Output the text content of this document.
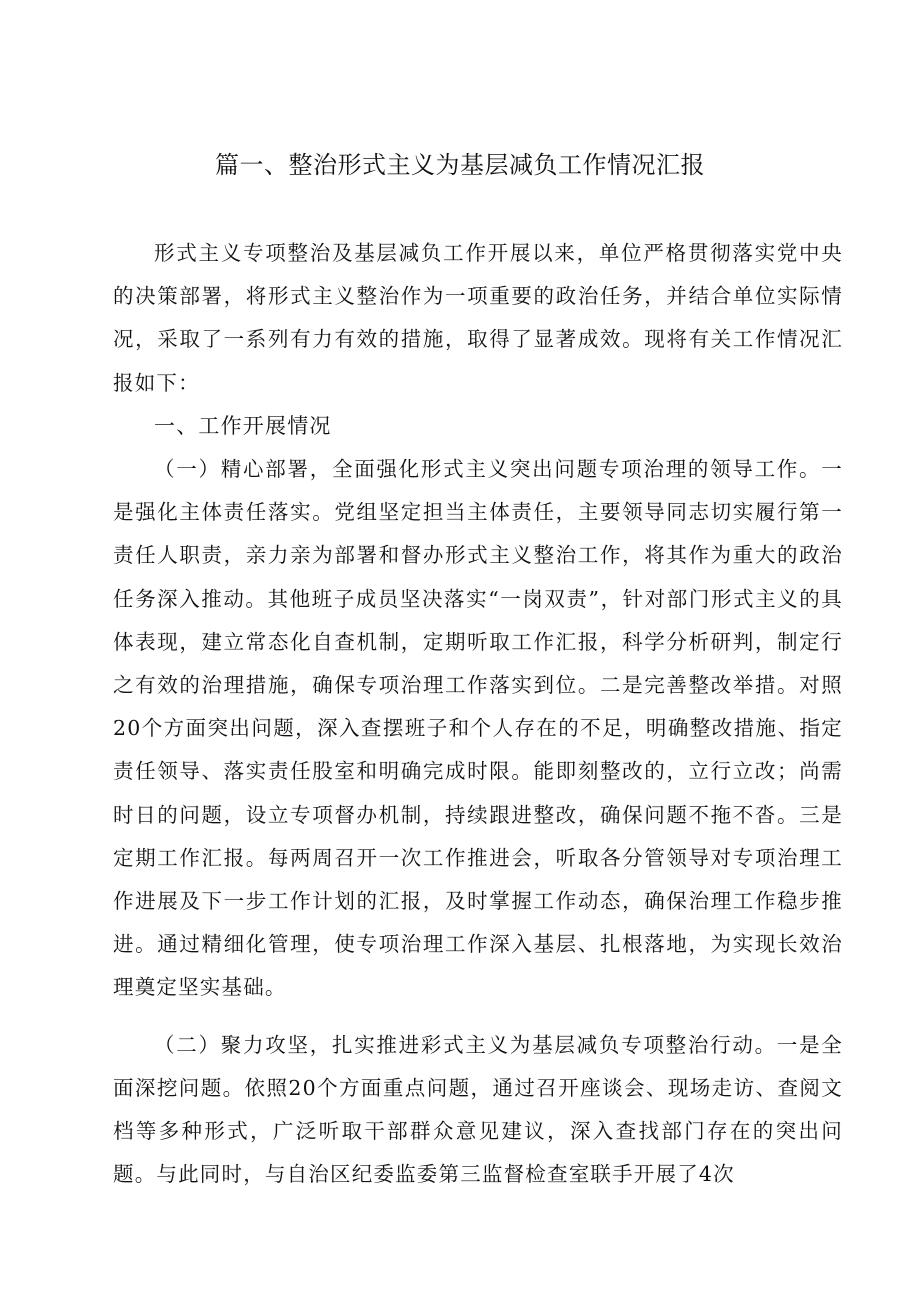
篇一、整治形式主义为基层减负工作情况汇报

形式主义专项整治及基层减负工作开展以来，单位严格贯彻落实党中央的决策部署，将形式主义整治作为一项重要的政治任务，并结合单位实际情况，采取了一系列有力有效的措施，取得了显著成效。现将有关工作情况汇报如下：

一、工作开展情况

（一）精心部署，全面强化形式主义突出问题专项治理的领导工作。一是强化主体责任落实。党组坚定担当主体责任，主要领导同志切实履行第一责任人职责，亲力亲为部署和督办形式主义整治工作，将其作为重大的政治任务深入推动。其他班子成员坚决落实“一岗双责”，针对部门形式主义的具体表现，建立常态化自查机制，定期听取工作汇报，科学分析研判，制定行之有效的治理措施，确保专项治理工作落实到位。二是完善整改举措。对照20个方面突出问题，深入查摆班子和个人存在的不足，明确整改措施、指定责任领导、落实责任股室和明确完成时限。能即刻整改的，立行立改；尚需时日的问题，设立专项督办机制，持续跟进整改，确保问题不拖不沓。三是定期工作汇报。每两周召开一次工作推进会，听取各分管领导对专项治理工作进展及下一步工作计划的汇报，及时掌握工作动态，确保治理工作稳步推进。通过精细化管理，使专项治理工作深入基层、扎根落地，为实现长效治理奠定坚实基础。

（二）聚力攻坚，扎实推进彩式主义为基层减负专项整治行动。一是全面深挖问题。依照20个方面重点问题，通过召开座谈会、现场走访、查阅文档等多种形式，广泛听取干部群众意见建议，深入查找部门存在的突出问题。与此同时，与自治区纪委监委第三监督检查室联手开展了4次
